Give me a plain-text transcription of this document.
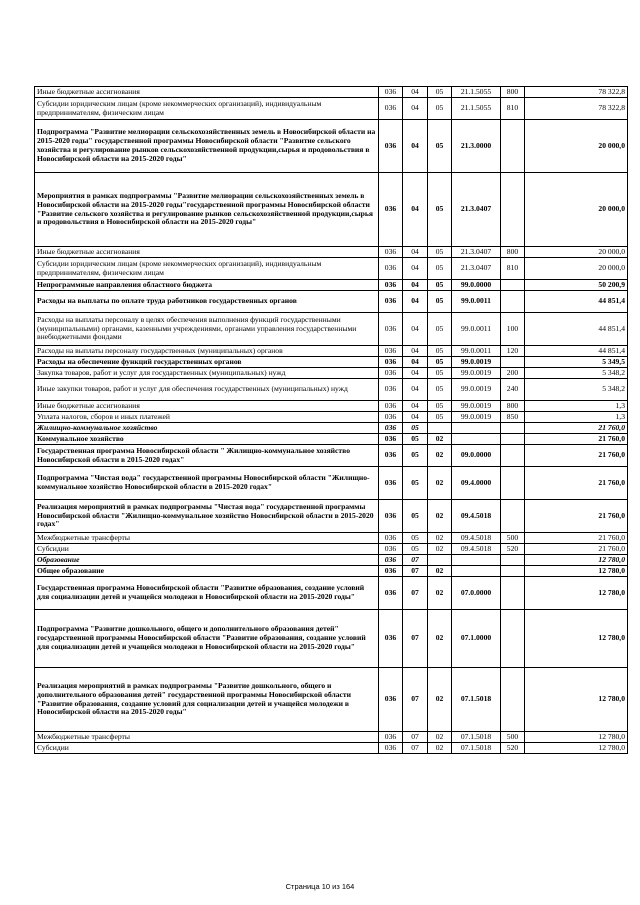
Иные бюджетные ассигнования	036	04	05	21.1.5055	800	78 322,8
Субсидии юридическим лицам (кроме некоммерческих организаций), индивидуальным предпринимателям, физическим лицам	036	04	05	21.1.5055	810	78 322,8
Подпрограмма "Развитие мелиорации сельскохозяйственных земель в Новосибирской области на 2015-2020 годы" государственной программы Новосибирской области "Развитие сельского хозяйства и регулирование рынков сельскохозяйственной продукции,сырья и продовольствия в Новосибирской области на 2015-2020 годы"	036	04	05	21.3.0000		20 000,0
Мероприятия в рамках подпрограммы "Развитие мелиорации сельскохозяйственных земель в Новосибирской области на 2015-2020 годы"государственной программы Новосибирской области "Развитие сельского хозяйства и регулирование рынков сельскохозяйственной продукции,сырья и продовольствия в Новосибирской области на 2015-2020 годы"	036	04	05	21.3.0407		20 000,0
Иные бюджетные ассигнования	036	04	05	21.3.0407	800	20 000,0
Субсидии юридическим лицам (кроме некоммерческих организаций), индивидуальным предпринимателям, физическим лицам	036	04	05	21.3.0407	810	20 000,0
Непрограммные направления областного бюджета	036	04	05	99.0.0000		50 200,9
Расходы на выплаты по оплате труда работников государственных органов	036	04	05	99.0.0011		44 851,4
Расходы на выплаты персоналу в целях обеспечения выполнения функций государственными (муниципальными) органами, казенными учреждениями, органами управления государственными внебюджетными фондами	036	04	05	99.0.0011	100	44 851,4
Расходы на выплаты персоналу государственных (муниципальных) органов	036	04	05	99.0.0011	120	44 851,4
Расходы на обеспечение функций государственных органов	036	04	05	99.0.0019		5 349,5
Закупка товаров, работ и услуг для государственных (муниципальных) нужд	036	04	05	99.0.0019	200	5 348,2
Иные закупки товаров, работ и услуг для обеспечения государственных (муниципальных) нужд	036	04	05	99.0.0019	240	5 348,2
Иные бюджетные ассигнования	036	04	05	99.0.0019	800	1,3
Уплата налогов, сборов и иных платежей	036	04	05	99.0.0019	850	1,3
Жилищно-коммунальное хозяйство	036	05				21 760,0
Коммунальное хозяйство	036	05	02			21 760,0
Государственная программа Новосибирской области " Жилищно-коммунальное хозяйство Новосибирской области в 2015-2020 годах"	036	05	02	09.0.0000		21 760,0
Подпрограмма "Чистая вода" государственной программы Новосибирской области "Жилищно-коммунальное хозяйство Новосибирской области в 2015-2020 годах"	036	05	02	09.4.0000		21 760,0
Реализация мероприятий в рамках подпрограммы "Чистая вода" государственной программы Новосибирской области "Жилищно-коммунальное хозяйство Новосибирской области в 2015-2020 годах"	036	05	02	09.4.5018		21 760,0
Межбюджетные трансферты	036	05	02	09.4.5018	500	21 760,0
Субсидии	036	05	02	09.4.5018	520	21 760,0
Образование	036	07				12 780,0
Общее образование	036	07	02			12 780,0
Государственная программа Новосибирской области "Развитие образования, создание условий для социализации детей и учащейся молодежи в Новосибирской области на 2015-2020 годы"	036	07	02	07.0.0000		12 780,0
Подпрограмма "Развитие дошкольного, общего и дополнительного образования детей" государственной программы Новосибирской области "Развитие образования, создание условий для социализации детей и учащейся молодежи в Новосибирской области на 2015-2020 годы"	036	07	02	07.1.0000		12 780,0
Реализация мероприятий в рамках подпрограммы "Развитие дошкольного, общего и дополнительного образования детей" государственной программы Новосибирской области "Развитие образования, создание условий для социализации детей и учащейся молодежи в Новосибирской области на 2015-2020 годы"	036	07	02	07.1.5018		12 780,0
Межбюджетные трансферты	036	07	02	07.1.5018	500	12 780,0
Субсидии	036	07	02	07.1.5018	520	12 780,0
Страница 10 из 164
